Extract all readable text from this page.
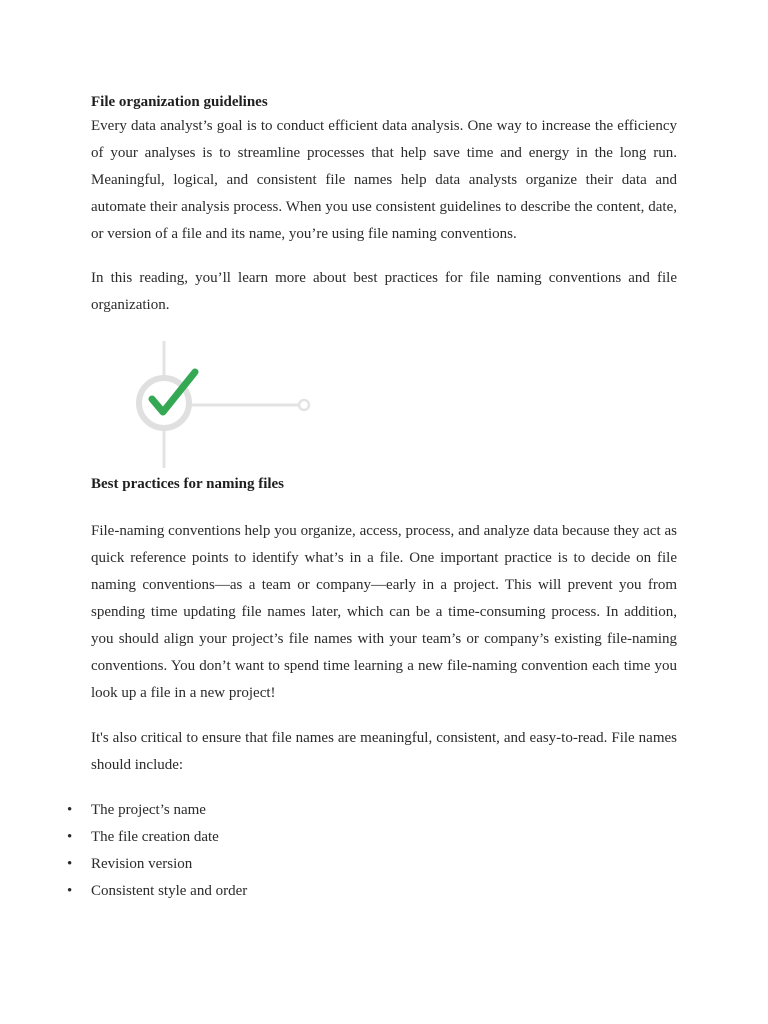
File organization guidelines

Every data analyst’s goal is to conduct efficient data analysis. One way to increase the efficiency of your analyses is to streamline processes that help save time and energy in the long run. Meaningful, logical, and consistent file names help data analysts organize their data and automate their analysis process. When you use consistent guidelines to describe the content, date, or version of a file and its name, you’re using file naming conventions.

In this reading, you’ll learn more about best practices for file naming conventions and file organization.

Best practices for naming files

File-naming conventions help you organize, access, process, and analyze data because they act as quick reference points to identify what’s in a file. One important practice is to decide on file naming conventions—as a team or company—early in a project. This will prevent you from spending time updating file names later, which can be a time-consuming process. In addition, you should align your project’s file names with your team’s or company’s existing file-naming conventions. You don’t want to spend time learning a new file-naming convention each time you look up a file in a new project!

It's also critical to ensure that file names are meaningful, consistent, and easy-to-read. File names should include:

• The project’s name
• The file creation date
• Revision version
• Consistent style and order
